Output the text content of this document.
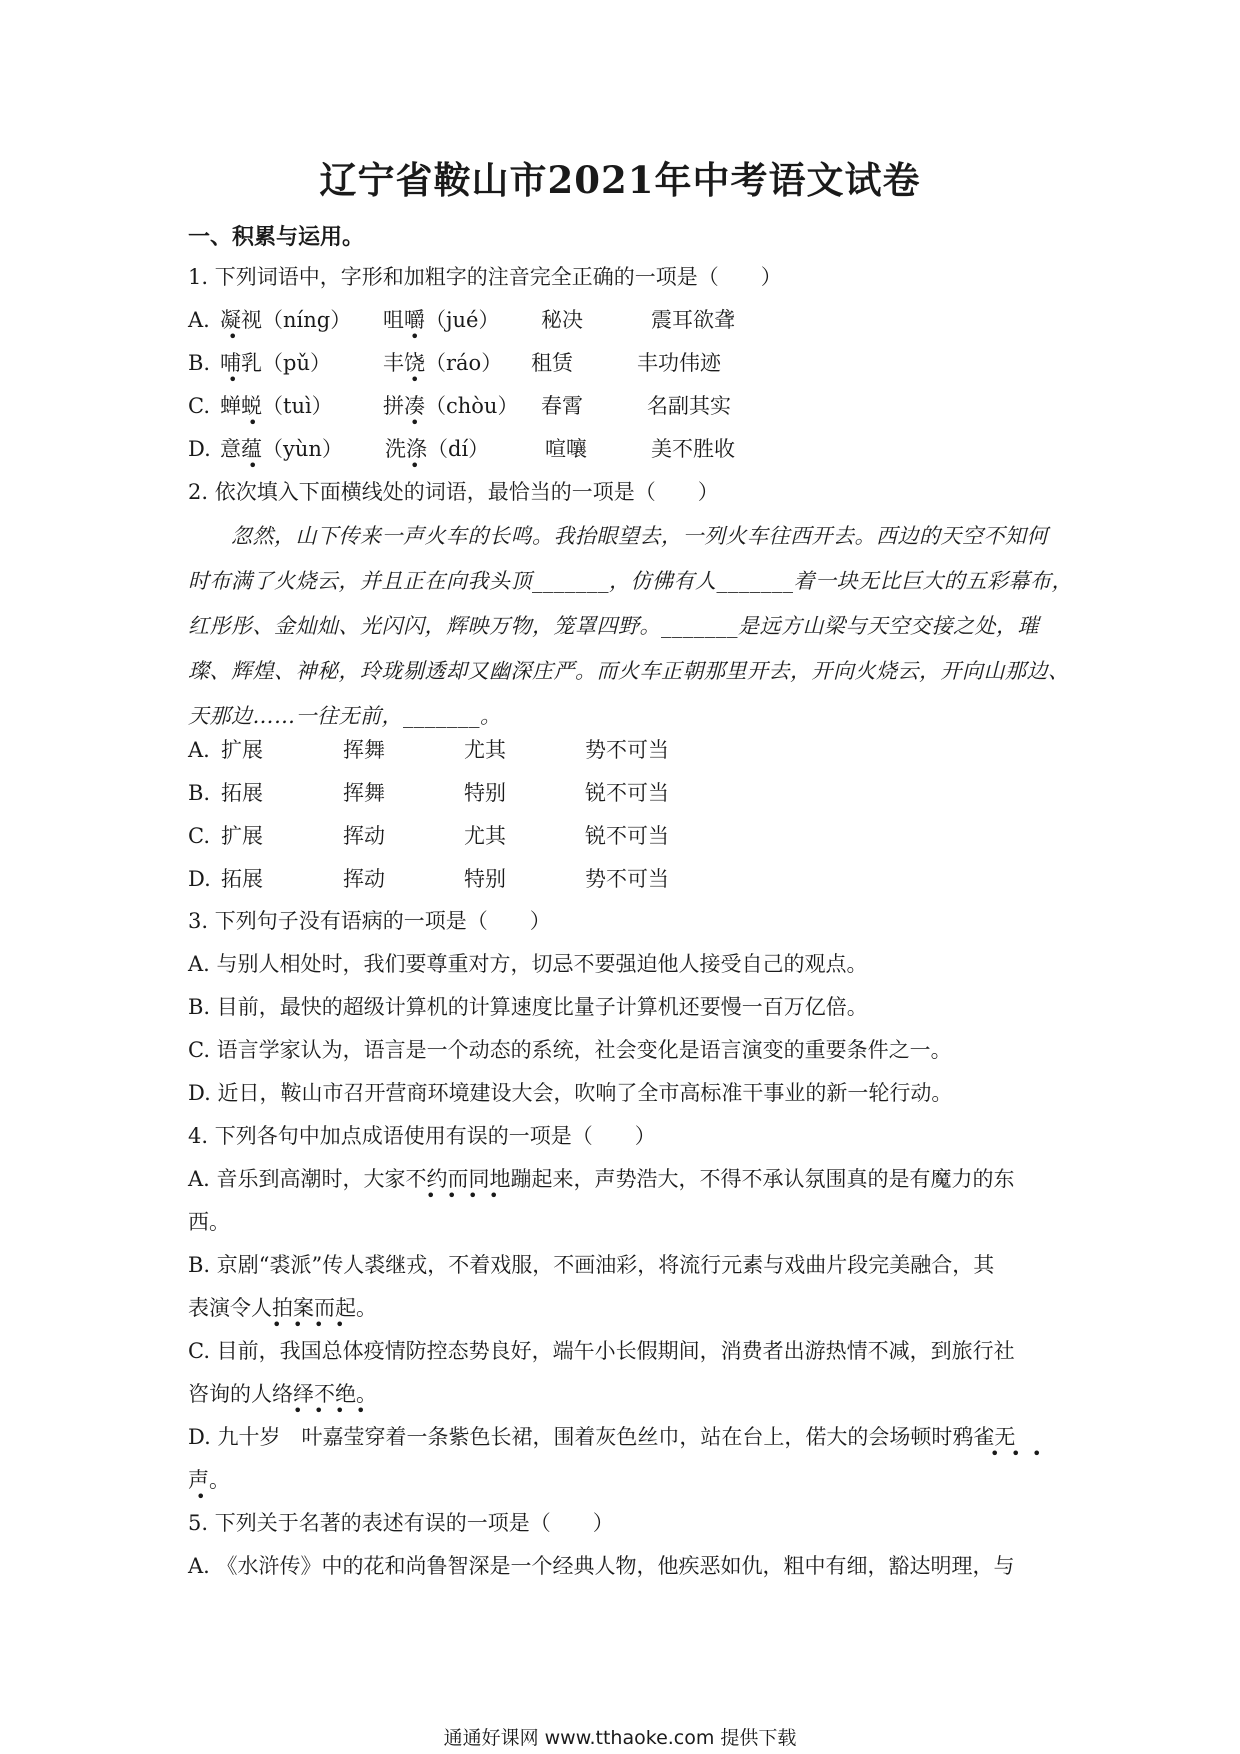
辽宁省鞍山市2021年中考语文试卷
一、积累与运用。
1. 下列词语中，字形和加粗字的注音完全正确的一项是（　　）
A. 凝视（níng） 咀嚼（jué） 秘决	震耳欲聋
B. 哺乳（pǔ） 丰饶（ráo） 租赁	丰功伟迹
C. 蝉蜕（tuì） 拼凑（chòu） 春霄	名副其实
D. 意蕴（yùn） 洗涤（dí）	喧嚷	美不胜收
•	•
•	•
•	•
•	•
2. 依次填入下面横线处的词语，最恰当的一项是（　　）
　　忽然，山下传来一声火车的长鸣。我抬眼望去，一列火车往西开去。西边的天空不知何
时布满了火烧云，并且正在向我头顶_______，仿佛有人_______着一块无比巨大的五彩幕布，
红彤彤、金灿灿、光闪闪，辉映万物，笼罩四野。_______是远方山梁与天空交接之处，璀
璨、辉煌、神秘，玲珑剔透却又幽深庄严。而火车正朝那里开去，开向火烧云，开向山那边、
天那边……一往无前，_______。
A. 扩展	挥舞	尤其	势不可当
B. 拓展	挥舞	特别	锐不可当
C. 扩展	挥动	尤其	锐不可当
D. 拓展	挥动	特别	势不可当
3. 下列句子没有语病的一项是（　　）
A. 与别人相处时，我们要尊重对方，切忌不要强迫他人接受自己的观点。
B. 目前，最快的超级计算机的计算速度比量子计算机还要慢一百万亿倍。
C. 语言学家认为，语言是一个动态的系统，社会变化是语言演变的重要条件之一。
D. 近日，鞍山市召开营商环境建设大会，吹响了全市高标准干事业的新一轮行动。
4. 下列各句中加点成语使用有误的一项是（　　）
A. 音乐到高潮时，大家不约而同地蹦起来，声势浩大，不得不承认氛围真的是有魔力的东
西。
B. 京剧“裘派”传人裘继戎，不着戏服，不画油彩，将流行元素与戏曲片段完美融合，其
表演令人拍案而起。
C. 目前，我国总体疫情防控态势良好，端午小长假期间，消费者出游热情不减，到旅行社
咨询的人络绎不绝。
D. 九十岁　叶嘉莹穿着一条紫色长裙，围着灰色丝巾，站在台上，偌大的会场顿时鸦雀无
声。
• • • •
• • • •
• • • •
• • •
•
5. 下列关于名著的表述有误的一项是（　　）
A. 《水浒传》中的花和尚鲁智深是一个经典人物，他疾恶如仇，粗中有细，豁达明理，与
通通好课网 www.tthaoke.com 提供下载
